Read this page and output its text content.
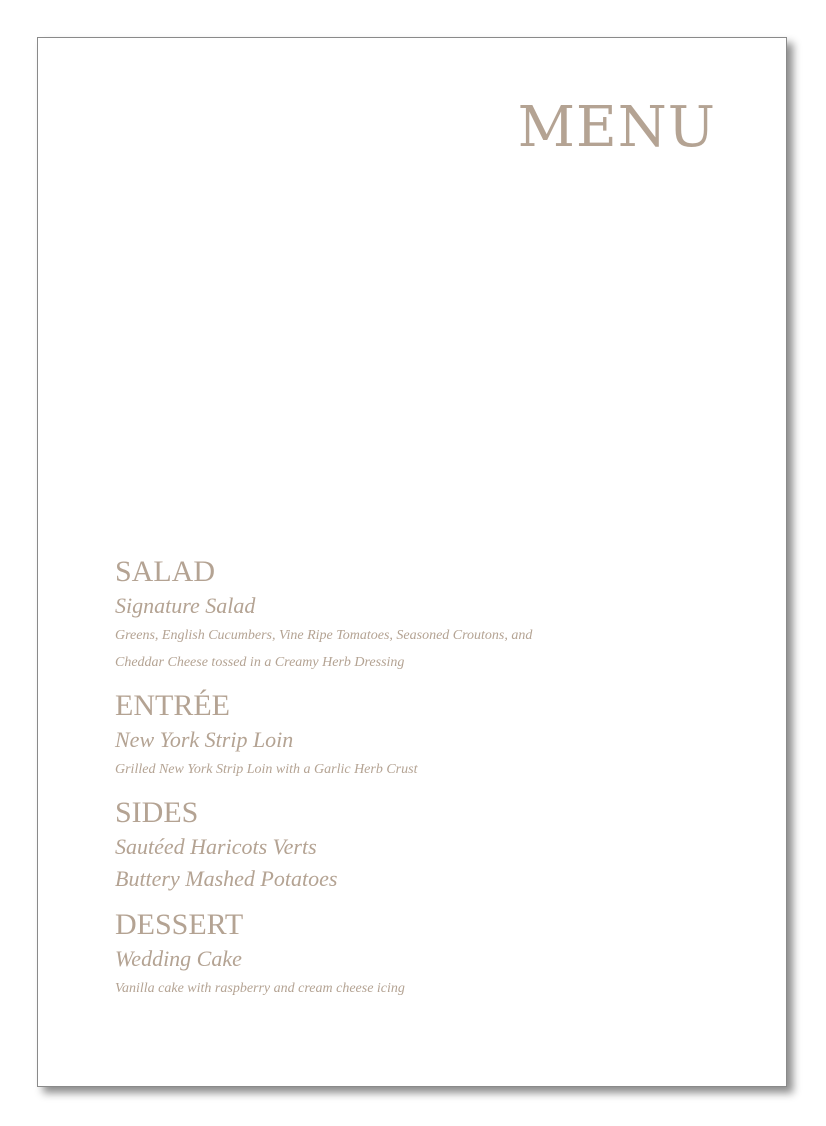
MENU
SALAD

Signature Salad

Greens, English Cucumbers, Vine Ripe Tomatoes, Seasoned Croutons, and

Cheddar Cheese tossed in a Creamy Herb Dressing

ENTRÉE

New York Strip Loin

Grilled New York Strip Loin with a Garlic Herb Crust

SIDES

Sautéed Haricots Verts

Buttery Mashed Potatoes

DESSERT

Wedding Cake

Vanilla cake with raspberry and cream cheese icing
